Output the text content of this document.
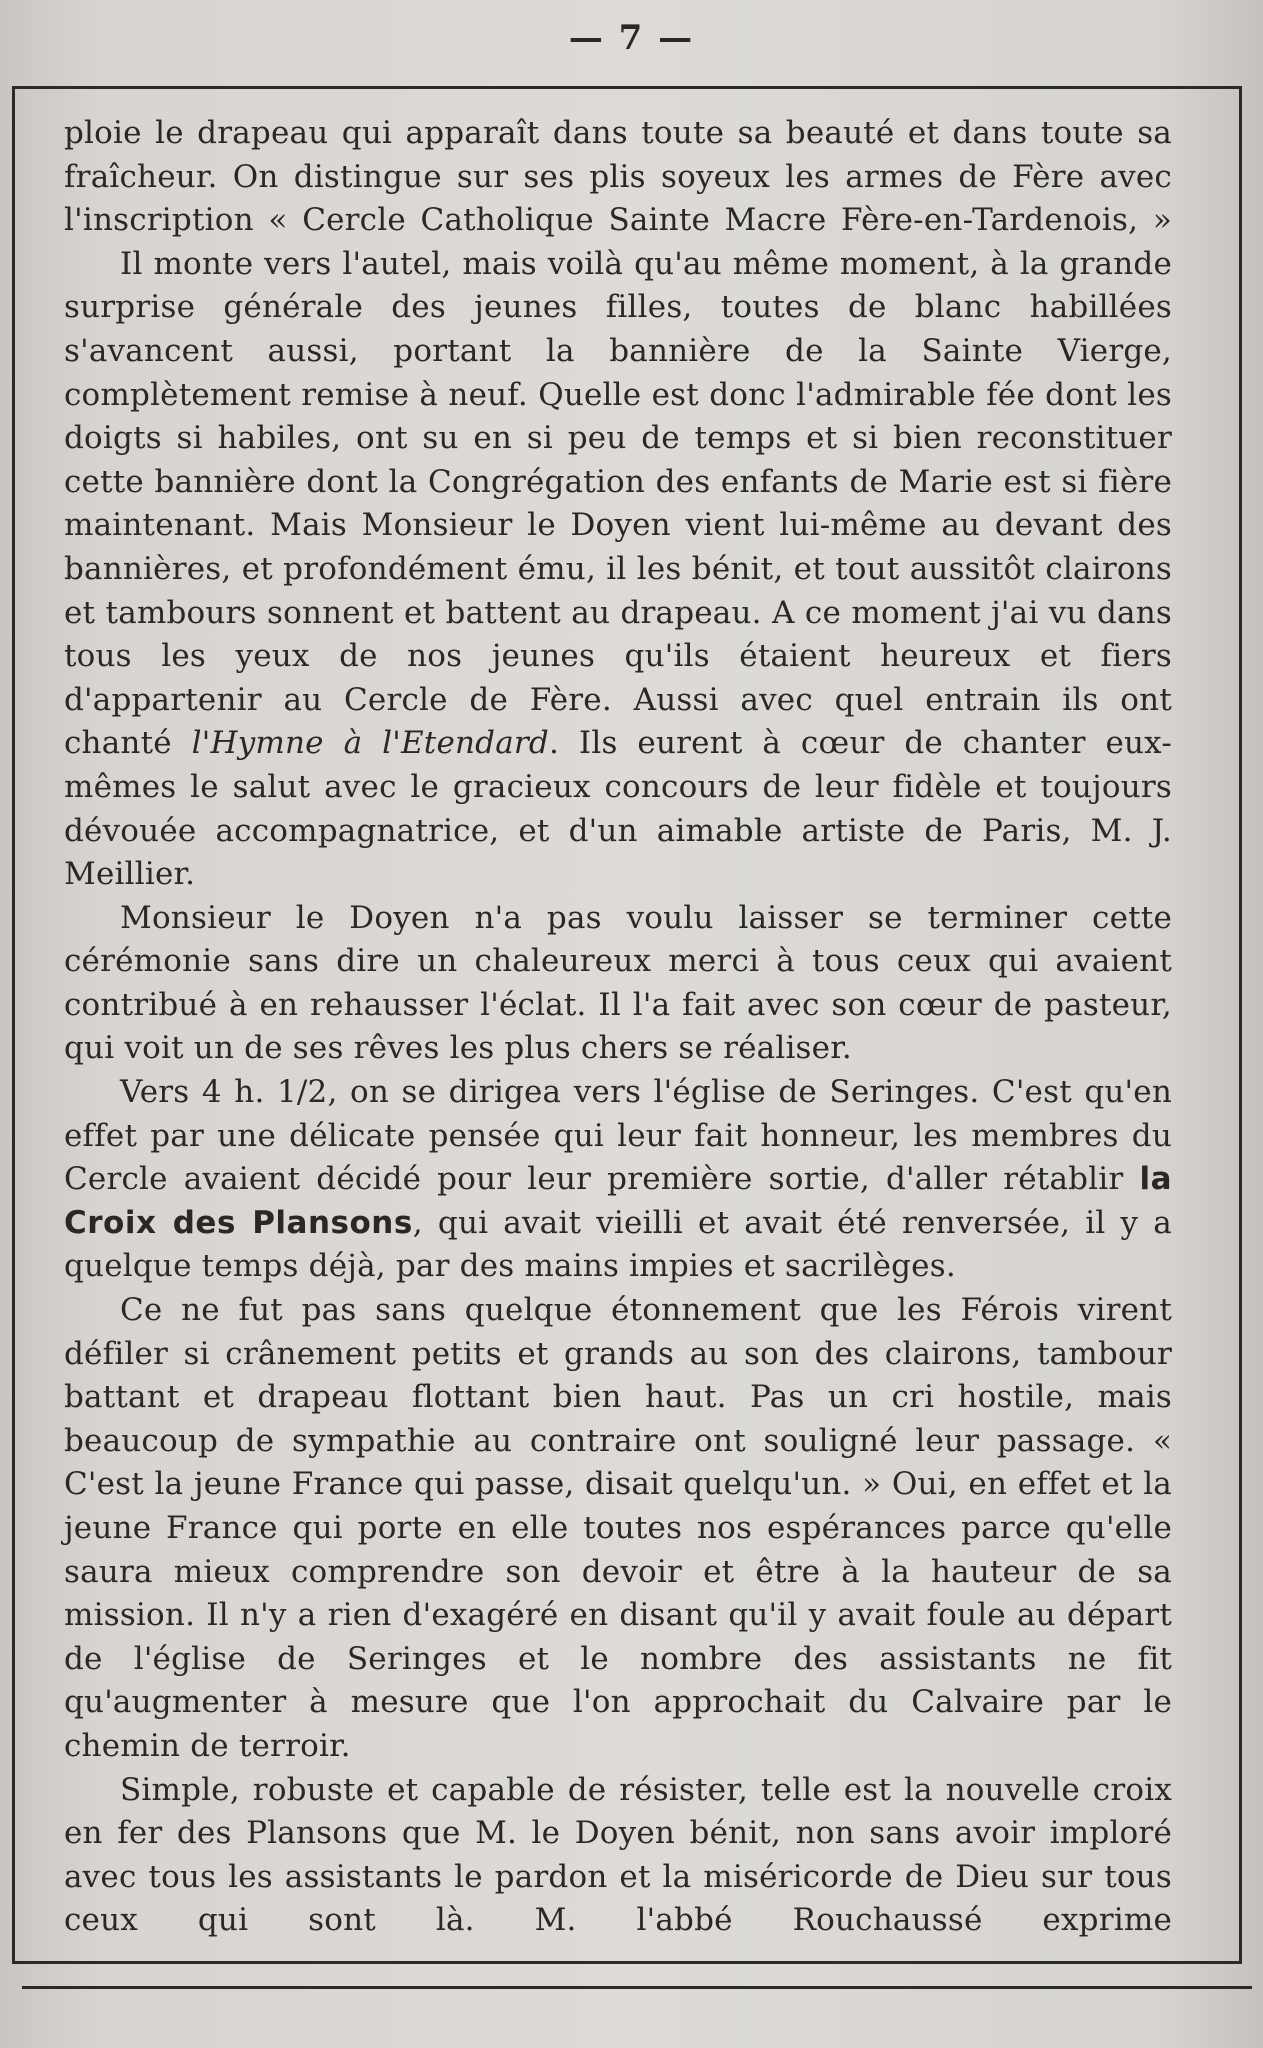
— 7 —

ploie le drapeau qui apparaît dans toute sa beauté et dans toute sa fraîcheur. On distingue sur ses plis soyeux les armes de Fère avec l'inscription « Cercle Catholique Sainte Macre Fère-en-Tardenois, »

Il monte vers l'autel, mais voilà qu'au même moment, à la grande surprise générale des jeunes filles, toutes de blanc habillées s'avancent aussi, portant la bannière de la Sainte Vierge, complètement remise à neuf. Quelle est donc l'admirable fée dont les doigts si habiles, ont su en si peu de temps et si bien reconstituer cette bannière dont la Congrégation des enfants de Marie est si fière maintenant. Mais Monsieur le Doyen vient lui-même au devant des bannières, et profondément ému, il les bénit, et tout aussitôt clairons et tambours sonnent et battent au drapeau. A ce moment j'ai vu dans tous les yeux de nos jeunes qu'ils étaient heureux et fiers d'appartenir au Cercle de Fère. Aussi avec quel entrain ils ont chanté l'Hymne à l'Etendard. Ils eurent à cœur de chanter eux-mêmes le salut avec le gracieux concours de leur fidèle et toujours dévouée accompagnatrice, et d'un aimable artiste de Paris, M. J. Meillier.

Monsieur le Doyen n'a pas voulu laisser se terminer cette cérémonie sans dire un chaleureux merci à tous ceux qui avaient contribué à en rehausser l'éclat. Il l'a fait avec son cœur de pasteur, qui voit un de ses rêves les plus chers se réaliser.

Vers 4 h. 1/2, on se dirigea vers l'église de Seringes. C'est qu'en effet par une délicate pensée qui leur fait honneur, les membres du Cercle avaient décidé pour leur première sortie, d'aller rétablir la Croix des Plansons, qui avait vieilli et avait été renversée, il y a quelque temps déjà, par des mains impies et sacrilèges.

Ce ne fut pas sans quelque étonnement que les Férois virent défiler si crânement petits et grands au son des clairons, tambour battant et drapeau flottant bien haut. Pas un cri hostile, mais beaucoup de sympathie au contraire ont souligné leur passage. « C'est la jeune France qui passe, disait quelqu'un. » Oui, en effet et la jeune France qui porte en elle toutes nos espérances parce qu'elle saura mieux comprendre son devoir et être à la hauteur de sa mission. Il n'y a rien d'exagéré en disant qu'il y avait foule au départ de l'église de Seringes et le nombre des assistants ne fit qu'augmenter à mesure que l'on approchait du Calvaire par le chemin de terroir.

Simple, robuste et capable de résister, telle est la nouvelle croix en fer des Plansons que M. le Doyen bénit, non sans avoir imploré avec tous les assistants le pardon et la miséricorde de Dieu sur tous ceux qui sont là. M. l'abbé Rouchaussé exprime
